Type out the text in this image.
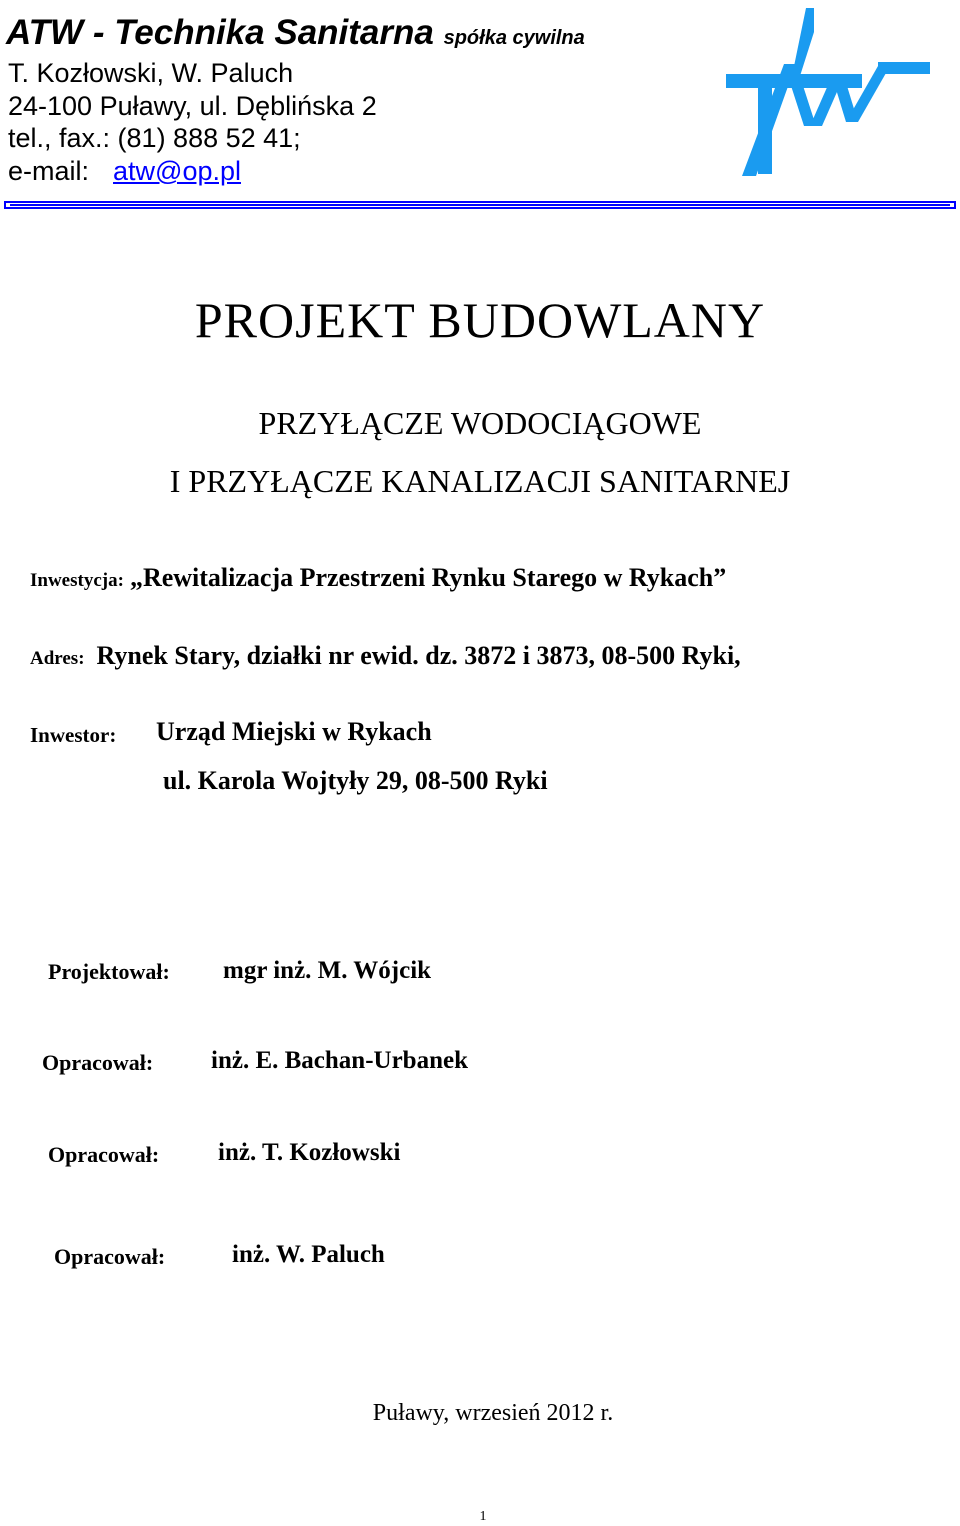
ATW - Technika Sanitarna spółka cywilna
T. Kozłowski, W. Paluch
24-100 Puławy, ul. Dęblińska 2
tel., fax.: (81) 888 52 41;
e-mail: atw@op.pl
PROJEKT BUDOWLANY
PRZYŁĄCZE WODOCIĄGOWE
I PRZYŁĄCZE KANALIZACJI SANITARNEJ
Inwestycja: „Rewitalizacja Przestrzeni Rynku Starego w Rykach”
Adres: Rynek Stary, działki nr ewid. dz. 3872 i 3873, 08-500 Ryki,
Inwestor: Urząd Miejski w Rykach
ul. Karola Wojtyły 29, 08-500 Ryki
Projektował: mgr inż. M. Wójcik
Opracował: inż. E. Bachan-Urbanek
Opracował: inż. T. Kozłowski
Opracował:	inż. W. Paluch
Puławy, wrzesień 2012 r.
1
